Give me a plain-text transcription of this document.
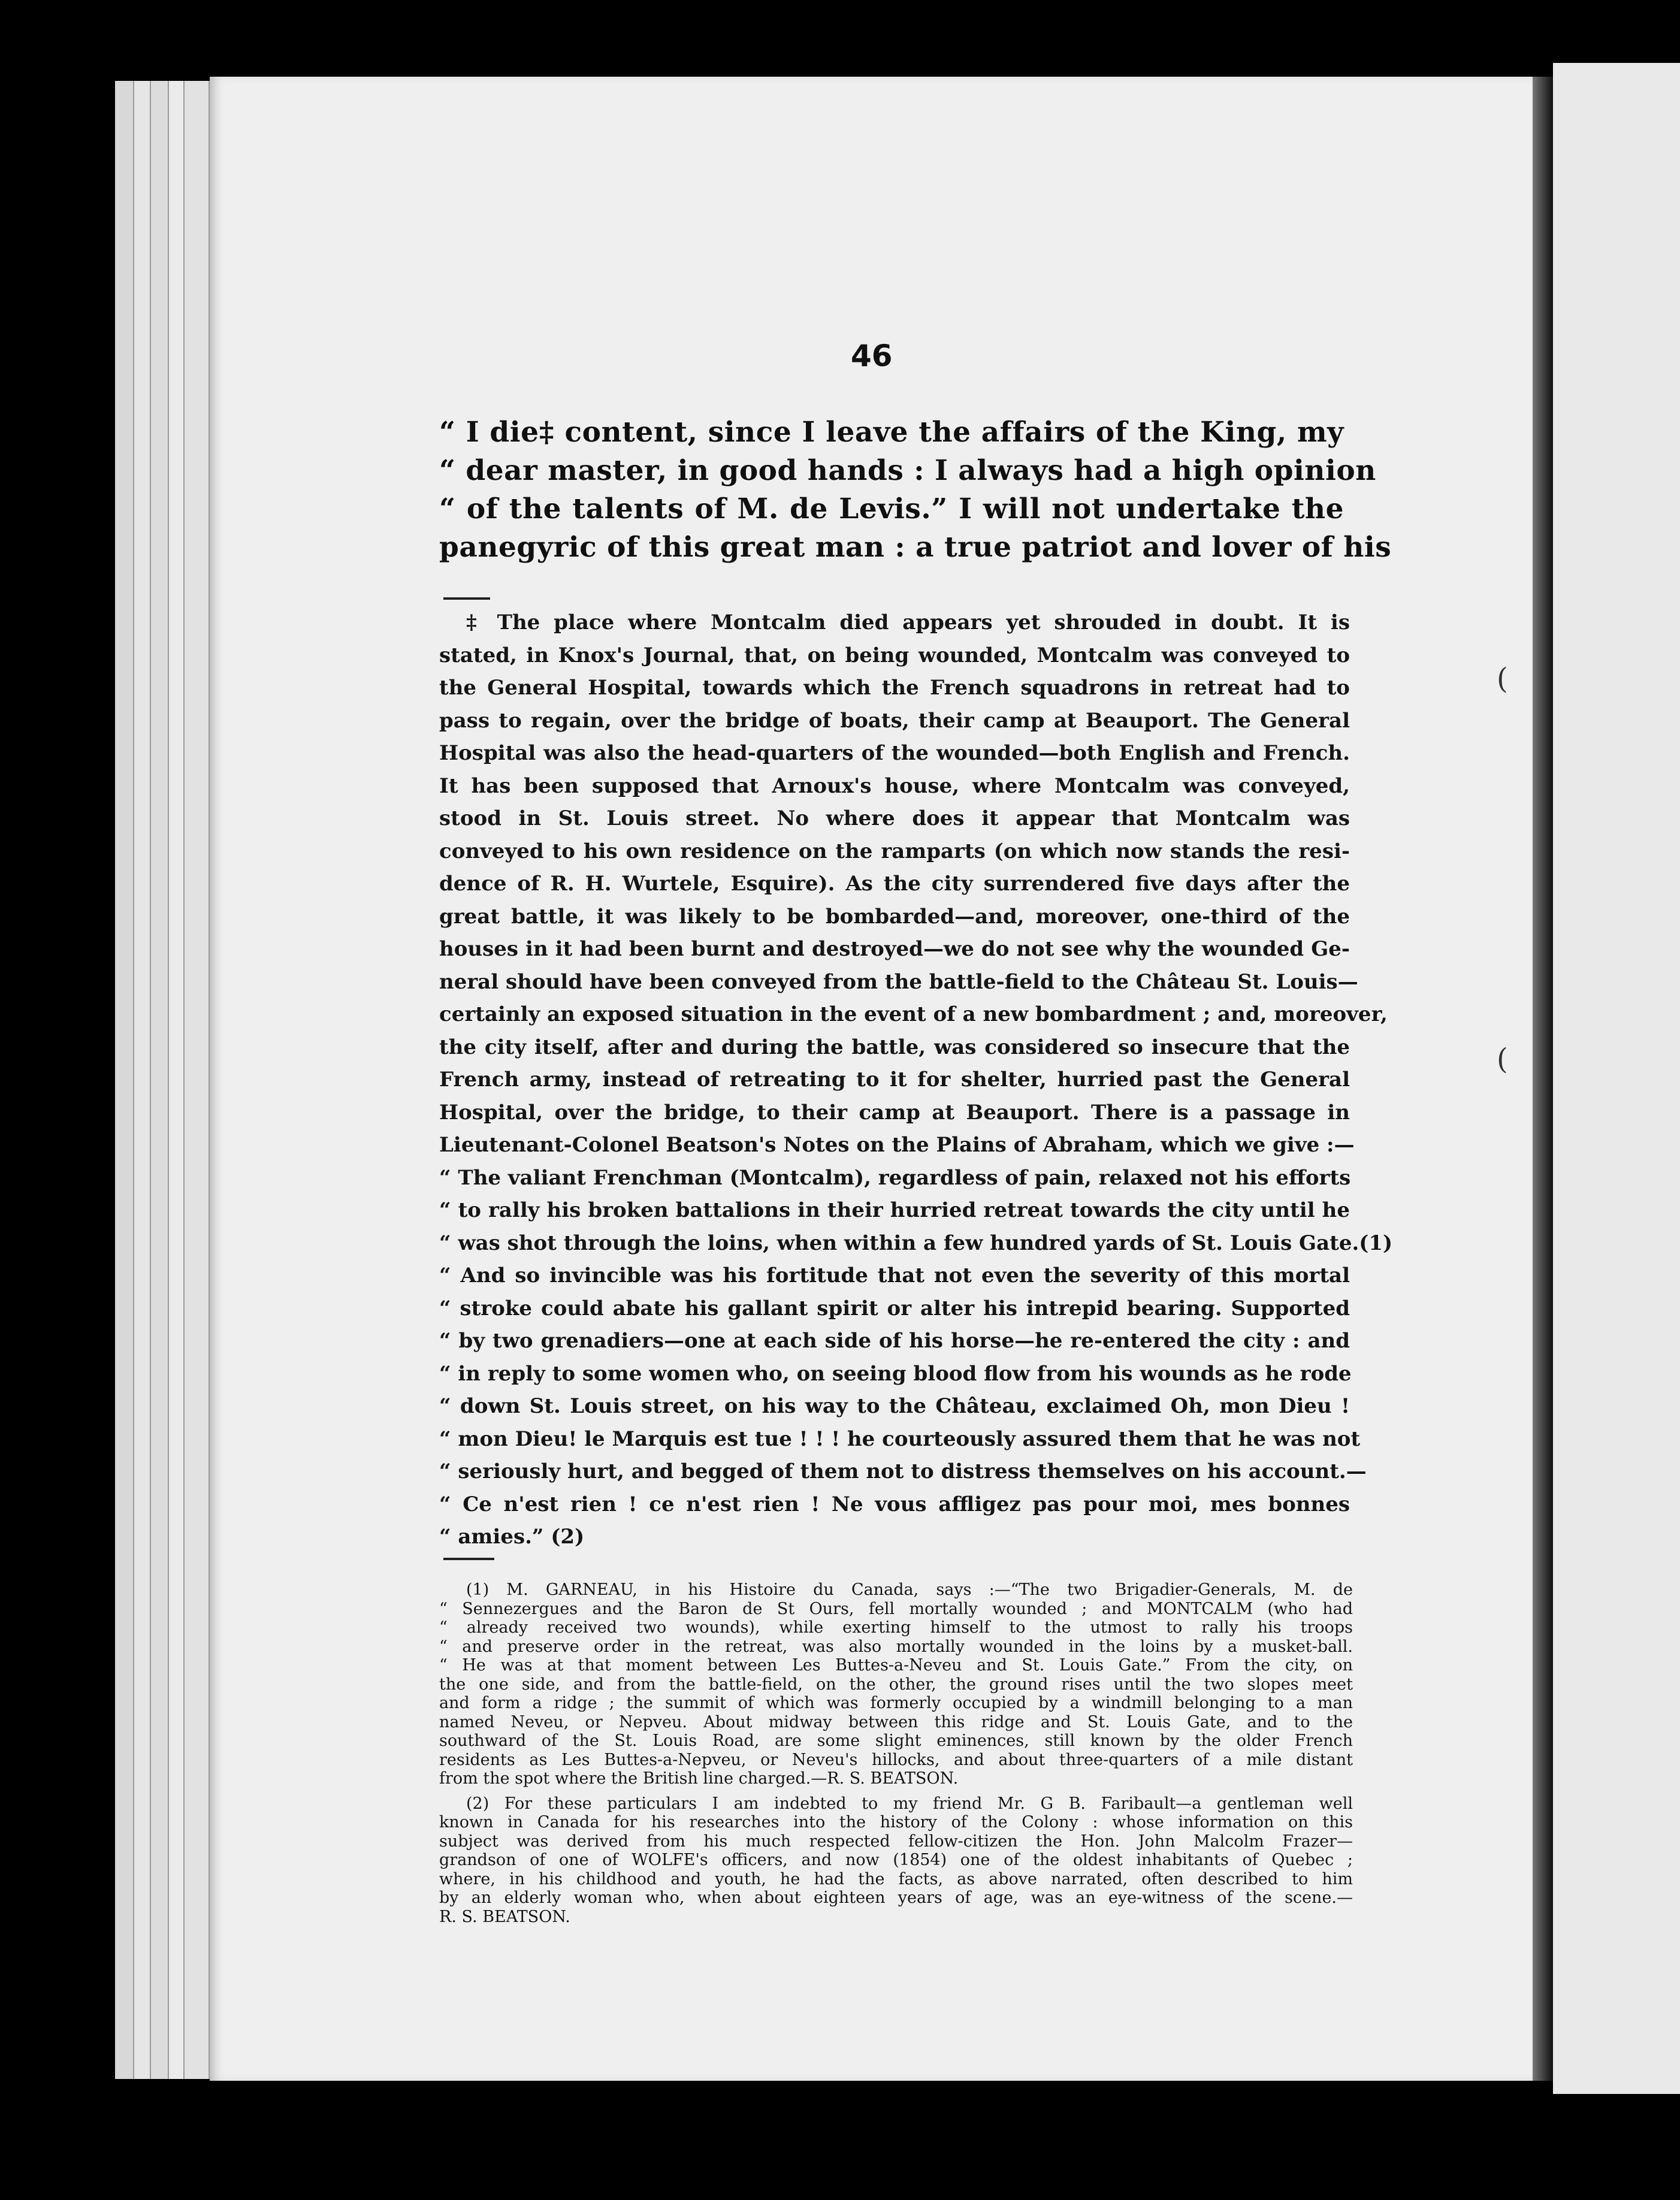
(
(
46
“ I die‡ content, since I leave the affairs of the King, my
“ dear master, in good hands : I always had a high opinion
“ of the talents of M. de Levis.” I will not undertake the
panegyric of this great man : a true patriot and lover of his
‡ The place where Montcalm died appears yet shrouded in doubt. It is
stated, in Knox's Journal, that, on being wounded, Montcalm was conveyed to
the General Hospital, towards which the French squadrons in retreat had to
pass to regain, over the bridge of boats, their camp at Beauport. The General
Hospital was also the head-quarters of the wounded—both English and French.
It has been supposed that Arnoux's house, where Montcalm was conveyed,
stood in St. Louis street. No where does it appear that Montcalm was
conveyed to his own residence on the ramparts (on which now stands the resi-
dence of R. H. Wurtele, Esquire). As the city surrendered five days after the
great battle, it was likely to be bombarded—and, moreover, one-third of the
houses in it had been burnt and destroyed—we do not see why the wounded Ge-
neral should have been conveyed from the battle-field to the Château St. Louis—
certainly an exposed situation in the event of a new bombardment ; and, moreover,
the city itself, after and during the battle, was considered so insecure that the
French army, instead of retreating to it for shelter, hurried past the General
Hospital, over the bridge, to their camp at Beauport. There is a passage in
Lieutenant-Colonel Beatson's Notes on the Plains of Abraham, which we give :—
“ The valiant Frenchman (Montcalm), regardless of pain, relaxed not his efforts
“ to rally his broken battalions in their hurried retreat towards the city until he
“ was shot through the loins, when within a few hundred yards of St. Louis Gate.(1)
“ And so invincible was his fortitude that not even the severity of this mortal
“ stroke could abate his gallant spirit or alter his intrepid bearing. Supported
“ by two grenadiers—one at each side of his horse—he re-entered the city : and
“ in reply to some women who, on seeing blood flow from his wounds as he rode
“ down St. Louis street, on his way to the Château, exclaimed Oh, mon Dieu !
“ mon Dieu! le Marquis est tue ! ! ! he courteously assured them that he was not
“ seriously hurt, and begged of them not to distress themselves on his account.—
“ Ce n'est rien ! ce n'est rien ! Ne vous affligez pas pour moi, mes bonnes
“ amies.” (2)
(1) M. GARNEAU, in his Histoire du Canada, says :—“The two Brigadier-Generals, M. de
“ Sennezergues and the Baron de St Ours, fell mortally wounded ; and MONTCALM (who had
“ already received two wounds), while exerting himself to the utmost to rally his troops
“ and preserve order in the retreat, was also mortally wounded in the loins by a musket-ball.
“ He was at that moment between Les Buttes-a-Neveu and St. Louis Gate.” From the city, on
the one side, and from the battle-field, on the other, the ground rises until the two slopes meet
and form a ridge ; the summit of which was formerly occupied by a windmill belonging to a man
named Neveu, or Nepveu. About midway between this ridge and St. Louis Gate, and to the
southward of the St. Louis Road, are some slight eminences, still known by the older French
residents as Les Buttes-a-Nepveu, or Neveu's hillocks, and about three-quarters of a mile distant
from the spot where the British line charged.—R. S. BEATSON.
(2) For these particulars I am indebted to my friend Mr. G B. Faribault—a gentleman well
known in Canada for his researches into the history of the Colony : whose information on this
subject was derived from his much respected fellow-citizen the Hon. John Malcolm Frazer—
grandson of one of WOLFE's officers, and now (1854) one of the oldest inhabitants of Quebec ;
where, in his childhood and youth, he had the facts, as above narrated, often described to him
by an elderly woman who, when about eighteen years of age, was an eye-witness of the scene.—
R. S. BEATSON.
